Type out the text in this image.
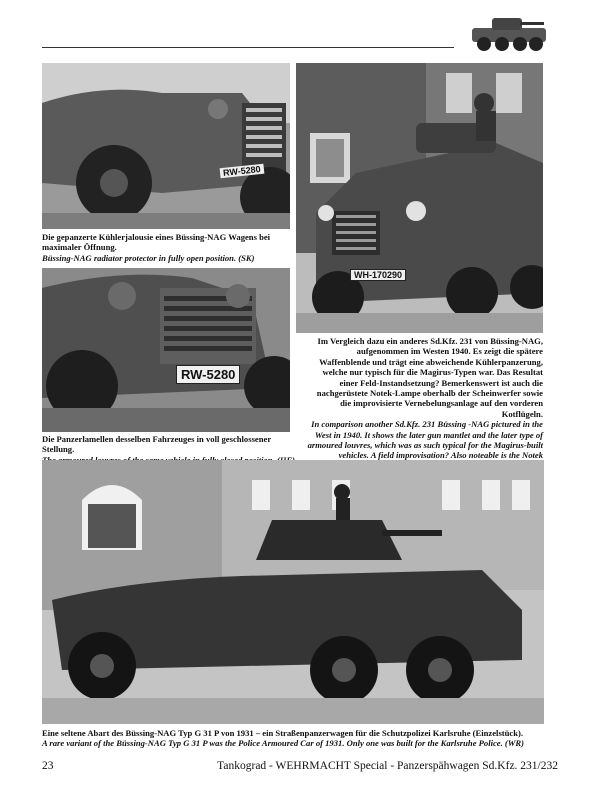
RW-5280
Die gepanzerte Kühlerjalousie eines Büssing-NAG Wagens bei maximaler Öffnung.
Büssing-NAG radiator protector in fully open position. (SK)
RW-5280
Die Panzerlamellen desselben Fahrzeuges in voll geschlossener Stellung.

WH-170290
Im Vergleich dazu ein anderes Sd.Kfz. 231 von Büssing-NAG, aufgenommen im Westen 1940. Es zeigt die spätere Waffenblende und trägt eine abweichende Kühlerpanzerung, welche nur typisch für die Magirus-Typen war. Das Resultat einer Feld-Instandsetzung? Bemerkenswert ist auch die nachgerüstete Notek-Lampe oberhalb der Scheinwerfer sowie die improvisierte Vernebelungsanlage auf den vorderen Kotflügeln.
In comparison another Sd.Kfz. 231 Büssing -NAG pictured in the West in 1940. It shows the later gun mantlet and the later type of armoured louvres, which was as such typical for the Magirus-built vehicles. A field improvisation? Also noteable is the Notek
Eine seltene Abart des Büssing-NAG Typ G 31 P von 1931 – ein Straßenpanzerwagen für die Schutzpolizei Karlsruhe (Einzelstück).
A rare variant of the Büssing-NAG Typ G 31 P was the Police Armoured Car of 1931. Only one was built for the Karlsruhe Police. (WR)
23	Tankograd - WEHRMACHT Special - Panzerspähwagen Sd.Kfz. 231/232
